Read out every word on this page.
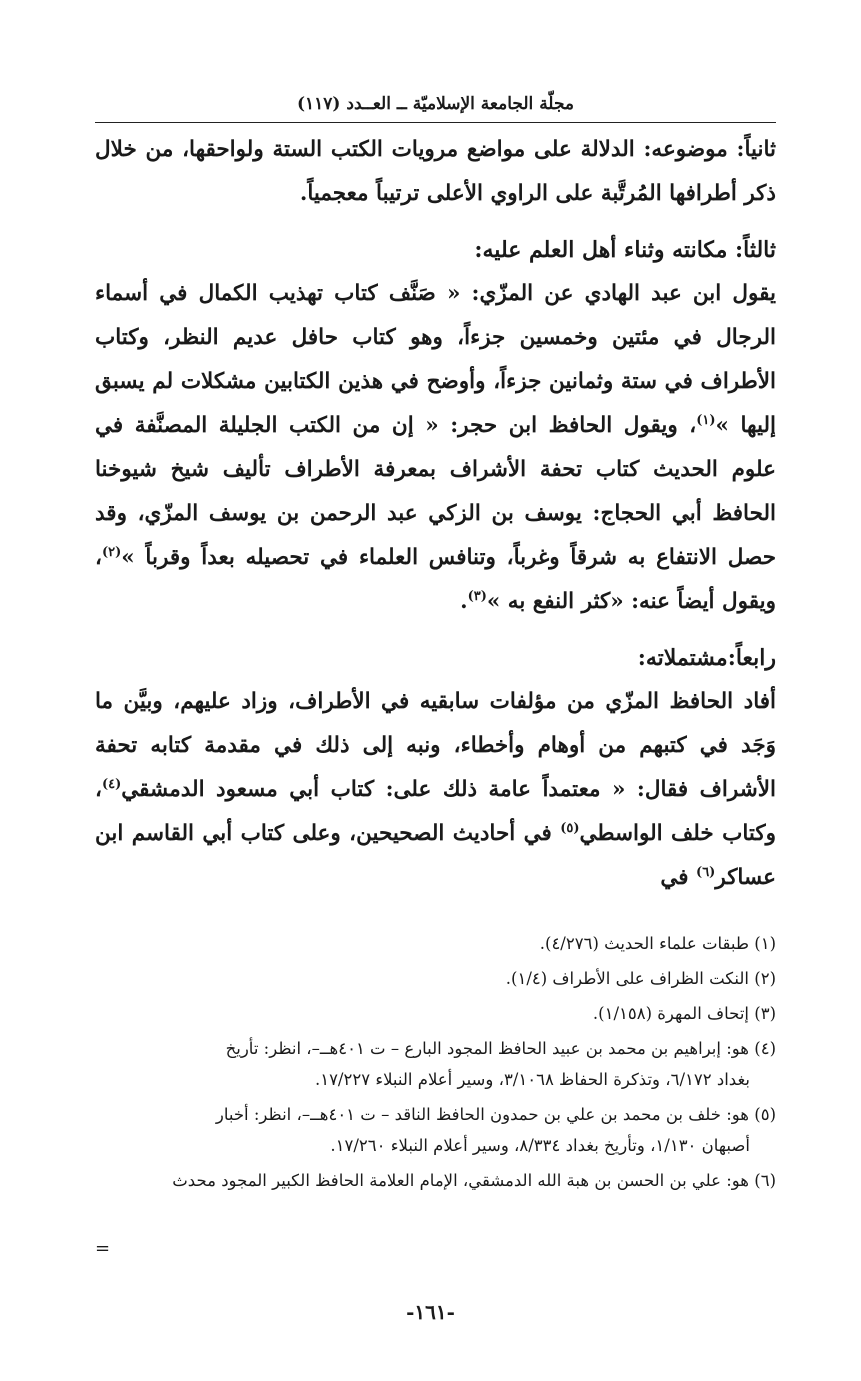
مجلّة الجامعة الإسلاميّة ــ العــدد (١١٧)

ثانياً: موضوعه: الدلالة على مواضع مرويات الكتب الستة ولواحقها، من خلال ذكر أطرافها المُرتَّبة على الراوي الأعلى ترتيباً معجمياً.

ثالثاً: مكانته وثناء أهل العلم عليه:

يقول ابن عبد الهادي عن المزّي: « صَنَّف كتاب تهذيب الكمال في أسماء الرجال في مئتين وخمسين جزءاً، وهو كتاب حافل عديم النظر، وكتاب الأطراف في ستة وثمانين جزءاً، وأوضح في هذين الكتابين مشكلات لم يسبق إليها »$^{(١)}$، ويقول الحافظ ابن حجر: « إن من الكتب الجليلة المصنَّفة في علوم الحديث كتاب تحفة الأشراف بمعرفة الأطراف تأليف شيخ شيوخنا الحافظ أبي الحجاج: يوسف بن الزكي عبد الرحمن بن يوسف المزّي، وقد حصل الانتفاع به شرقاً وغرباً، وتنافس العلماء في تحصيله بعداً وقرباً »$^{(٢)}$، ويقول أيضاً عنه: «كثر النفع به »$^{(٣)}$.

رابعاً:مشتملاته:

أفاد الحافظ المزّي من مؤلفات سابقيه في الأطراف، وزاد عليهم، وبيَّن ما وَجَد في كتبهم من أوهام وأخطاء، ونبه إلى ذلك في مقدمة كتابه تحفة الأشراف فقال: « معتمداً عامة ذلك على: كتاب أبي مسعود الدمشقي$^{(٤)}$، وكتاب خلف الواسطي$^{(٥)}$ في أحاديث الصحيحين، وعلى كتاب أبي القاسم ابن عساكر$^{(٦)}$ في

(١) طبقات علماء الحديث (٤/٢٧٦).

(٢) النكت الظراف على الأطراف (١/٤).

(٣) إتحاف المهرة (١/١٥٨).

(٤) هو: إبراهيم بن محمد بن عبيد الحافظ المجود البارع – ت ٤٠١هــ–، انظر: تأريخ
بغداد ٦/١٧٢، وتذكرة الحفاظ ٣/١٠٦٨، وسير أعلام النبلاء ١٧/٢٢٧.

(٥) هو: خلف بن محمد بن علي بن حمدون الحافظ الناقد – ت ٤٠١هــ–، انظر: أخبار
أصبهان ١/١٣٠، وتأريخ بغداد ٨/٣٣٤، وسير أعلام النبلاء ١٧/٢٦٠.

(٦) هو: علي بن الحسن بن هبة الله الدمشقي، الإمام العلامة الحافظ الكبير المجود محدث

=
-١٦١-
